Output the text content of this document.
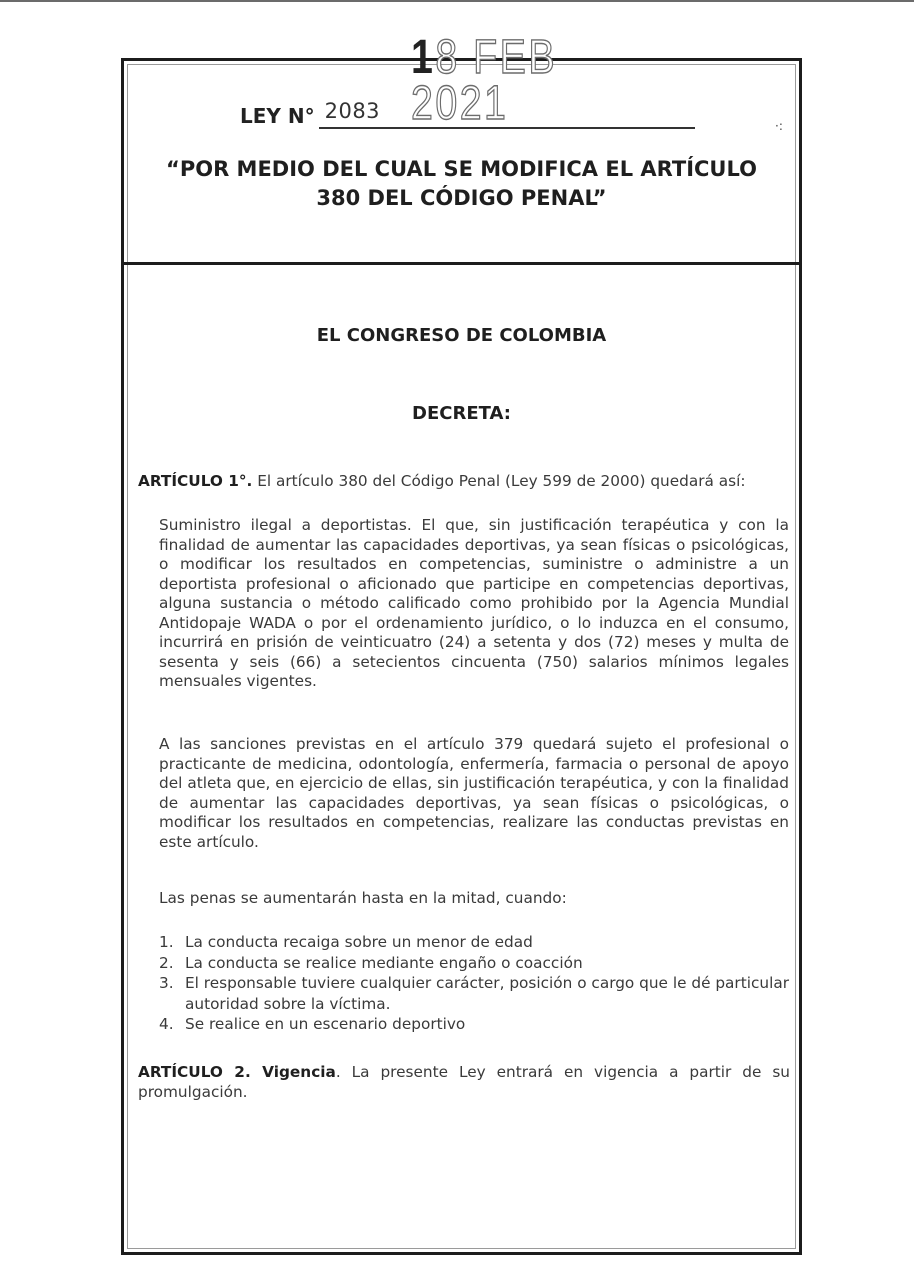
LEY N° 2083
18 FEB 2021	·:
“POR MEDIO DEL CUAL SE MODIFICA EL ARTÍCULO
380 DEL CÓDIGO PENAL”
EL CONGRESO DE COLOMBIA
DECRETA:
ARTÍCULO 1°. El artículo 380 del Código Penal (Ley 599 de 2000) quedará así:
Suministro ilegal a deportistas. El que, sin justificación terapéutica y con la finalidad de aumentar las capacidades deportivas, ya sean físicas o psicológicas, o modificar los resultados en competencias, suministre o administre a un deportista profesional o aficionado que participe en competencias deportivas, alguna sustancia o método calificado como prohibido por la Agencia Mundial Antidopaje WADA o por el ordenamiento jurídico, o lo induzca en el consumo, incurrirá en prisión de veinticuatro (24) a setenta y dos (72) meses y multa de sesenta y seis (66) a setecientos cincuenta (750) salarios mínimos legales mensuales vigentes.
A las sanciones previstas en el artículo 379 quedará sujeto el profesional o practicante de medicina, odontología, enfermería, farmacia o personal de apoyo del atleta que, en ejercicio de ellas, sin justificación terapéutica, y con la finalidad de aumentar las capacidades deportivas, ya sean físicas o psicológicas, o modificar los resultados en competencias, realizare las conductas previstas en este artículo.
Las penas se aumentarán hasta en la mitad, cuando:
1. La conducta recaiga sobre un menor de edad
2. La conducta se realice mediante engaño o coacción
3. El responsable tuviere cualquier carácter, posición o cargo que le dé particular autoridad sobre la víctima.
4. Se realice en un escenario deportivo
ARTÍCULO 2. Vigencia. La presente Ley entrará en vigencia a partir de su promulgación.
